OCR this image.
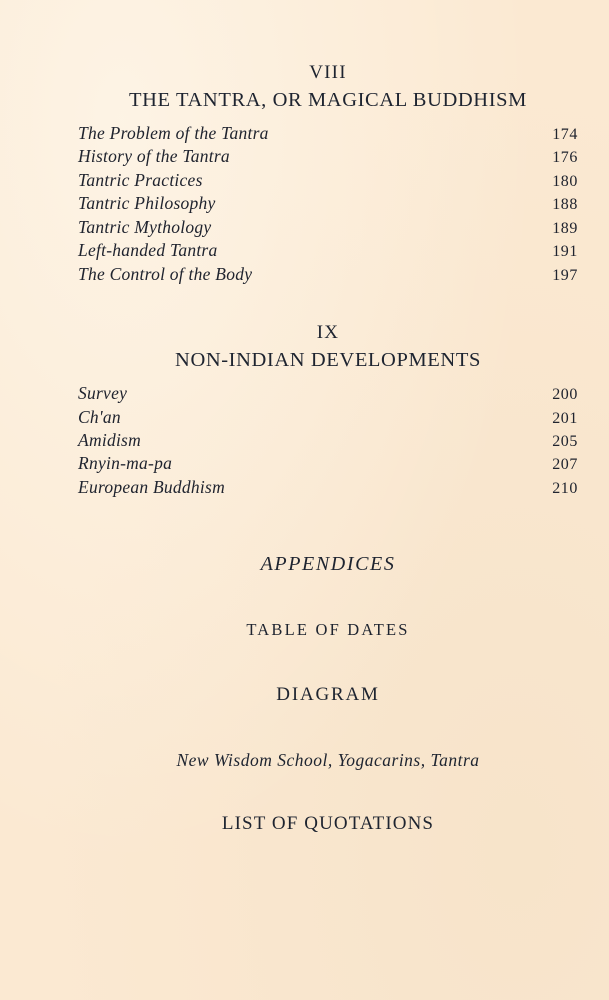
VIII
THE TANTRA, OR MAGICAL BUDDHISM
The Problem of the Tantra	174
History of the Tantra	176
Tantric Practices	180
Tantric Philosophy	188
Tantric Mythology	189
Left-handed Tantra	191
The Control of the Body	197
IX
NON-INDIAN DEVELOPMENTS
Survey	200
Ch'an	201
Amidism	205
Rnyin-ma-pa	207
European Buddhism	210
APPENDICES
TABLE OF DATES
DIAGRAM
New Wisdom School, Yogacarins, Tantra
LIST OF QUOTATIONS
